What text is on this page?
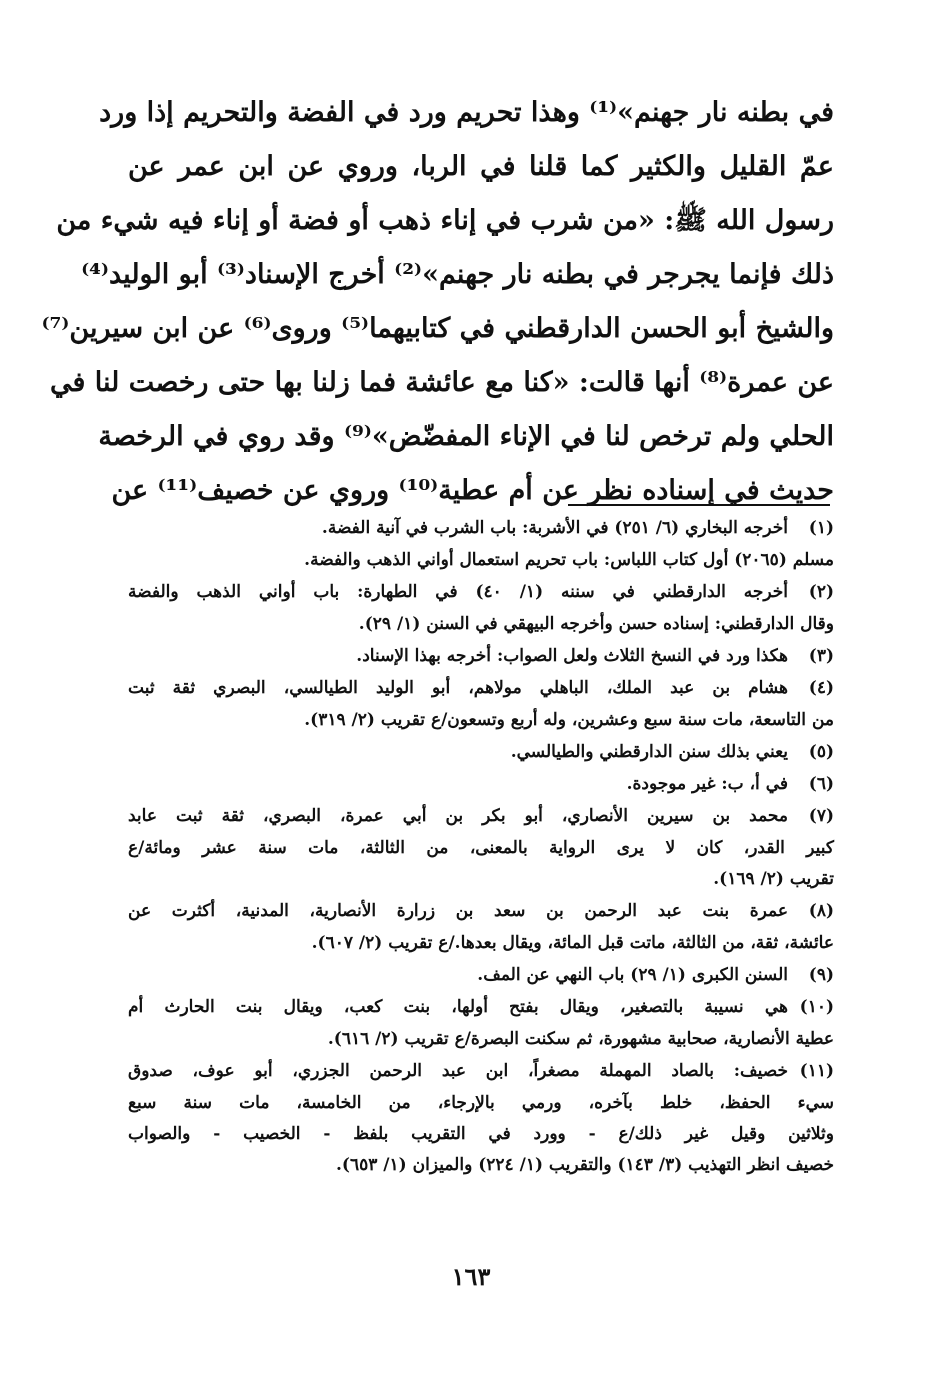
في بطنه نار جهنم»⁽¹⁾ وهذا تحريم ورد في الفضة والتحريم إذا ورد
عمّ القليل والكثير كما قلنا في الربا، وروي عن ابن عمر عن
رسول الله ﷺ: «من شرب في إناء ذهب أو فضة أو إناء فيه شيء من
ذلك فإنما يجرجر في بطنه نار جهنم»⁽²⁾ أخرج الإسناد⁽³⁾ أبو الوليد⁽⁴⁾
والشيخ أبو الحسن الدارقطني في كتابيهما⁽⁵⁾ وروى⁽⁶⁾ عن ابن سيرين⁽⁷⁾
عن عمرة⁽⁸⁾ أنها قالت: «كنا مع عائشة فما زلنا بها حتى رخصت لنا في
الحلي ولم ترخص لنا في الإناء المفضّض»⁽⁹⁾ وقد روي في الرخصة
حديث في إسناده نظر عن أم عطية⁽¹⁰⁾ وروي عن خصيف⁽¹¹⁾ عن
(١)
أخرجه البخاري (٦/ ٢٥١) في الأشربة: باب الشرب في آنية الفضة.
مسلم (٢٠٦٥) أول كتاب اللباس: باب تحريم استعمال أواني الذهب والفضة.
(٢)
أخرجه الدارقطني في سننه (١/ ٤٠) في الطهارة: باب أواني الذهب والفضة
وقال الدارقطني: إسناده حسن وأخرجه البيهقي في السنن (١/ ٢٩).
(٣)
هكذا ورد في النسخ الثلاث ولعل الصواب: أخرجه بهذا الإسناد.
(٤)
هشام بن عبد الملك، الباهلي مولاهم، أبو الوليد الطيالسي، البصري ثقة ثبت
من التاسعة، مات سنة سبع وعشرين، وله أربع وتسعون/ع تقريب (٢/ ٣١٩).
(٥)
يعني بذلك سنن الدارقطني والطيالسي.
(٦)
في أ، ب: غير موجودة.
(٧)
محمد بن سيرين الأنصاري، أبو بكر بن أبي عمرة، البصري، ثقة ثبت عابد
كبير القدر، كان لا يرى الرواية بالمعنى، من الثالثة، مات سنة عشر ومائة/ع
تقريب (٢/ ١٦٩).
(٨)
عمرة بنت عبد الرحمن بن سعد بن زرارة الأنصارية، المدنية، أكثرت عن
عائشة، ثقة، من الثالثة، ماتت قبل المائة، ويقال بعدها./ع تقريب (٢/ ٦٠٧).
(٩)
السنن الكبرى (١/ ٢٩) باب النهي عن المف.
(١٠)
هي نسيبة بالتصغير، ويقال بفتح أولها، بنت كعب، ويقال بنت الحارث أم
عطية الأنصارية، صحابية مشهورة، ثم سكنت البصرة/ع تقريب (٢/ ٦١٦).
(١١)
خصيف: بالصاد المهملة مصغراً، ابن عبد الرحمن الجزري، أبو عوف، صدوق
سيء الحفظ، خلط بآخره، ورمي بالإرجاء، من الخامسة، مات سنة سبع
وثلاثين وقيل غير ذلك/ع - وورد في التقريب بلفظ - الخصيب - والصواب
خصيف انظر التهذيب (٣/ ١٤٣) والتقريب (١/ ٢٢٤) والميزان (١/ ٦٥٣).
١٦٣
